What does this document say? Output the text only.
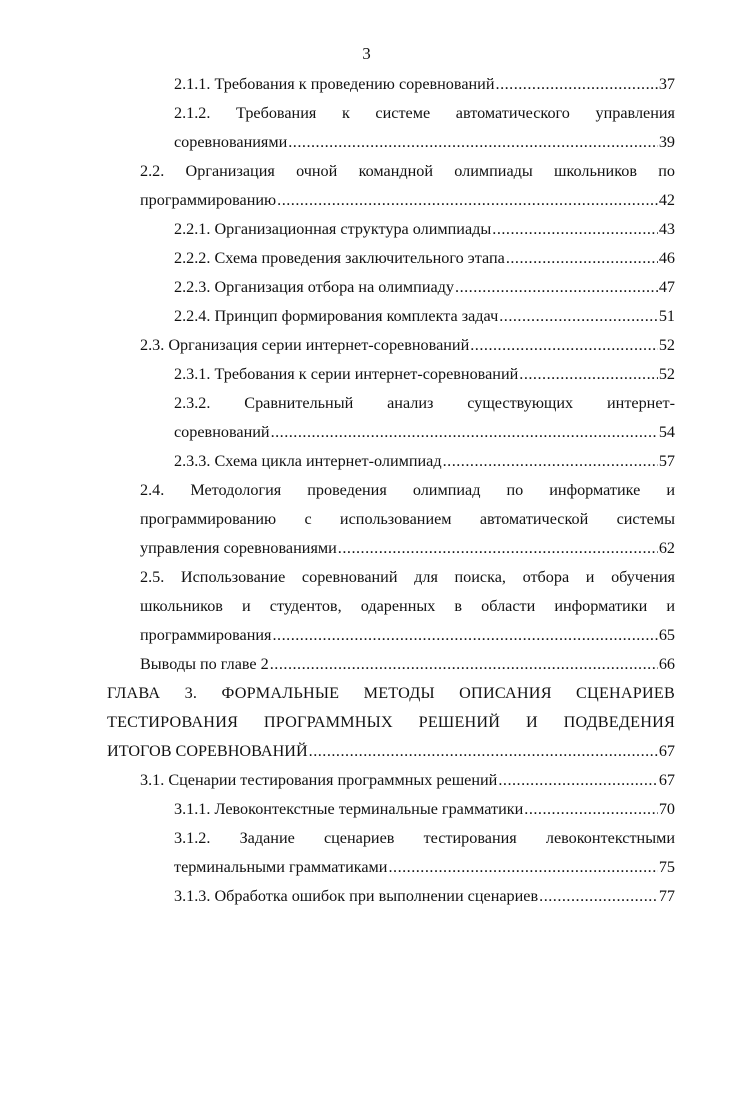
3
2.1.1. Требования к проведению соревнований .....	37
2.1.2. Требования к системе автоматического управления
соревнованиями .....	39
2.2. Организация очной командной олимпиады школьников по
программированию .....	42
2.2.1. Организационная структура олимпиады .....	43
2.2.2. Схема проведения заключительного этапа .....	46
2.2.3. Организация отбора на олимпиаду .....	47
2.2.4. Принцип формирования комплекта задач .....	51
2.3. Организация серии интернет-соревнований .....	52
2.3.1. Требования к серии интернет-соревнований .....	52
2.3.2. Сравнительный анализ существующих интернет-
соревнований .....	54
2.3.3. Схема цикла интернет-олимпиад .....	57
2.4. Методология проведения олимпиад по информатике и
программированию с использованием автоматической системы
управления соревнованиями .....	62
2.5. Использование соревнований для поиска, отбора и обучения
школьников и студентов, одаренных в области информатики и
программирования .....	65
Выводы по главе 2 .....	66
ГЛАВА 3. ФОРМАЛЬНЫЕ МЕТОДЫ ОПИСАНИЯ СЦЕНАРИЕВ
ТЕСТИРОВАНИЯ ПРОГРАММНЫХ РЕШЕНИЙ И ПОДВЕДЕНИЯ
ИТОГОВ СОРЕВНОВАНИЙ .....	67
3.1. Сценарии тестирования программных решений .....	67
3.1.1. Левоконтекстные терминальные грамматики .....	70
3.1.2. Задание сценариев тестирования левоконтекстными
терминальными грамматиками .....	75
3.1.3. Обработка ошибок при выполнении сценариев .....	77
